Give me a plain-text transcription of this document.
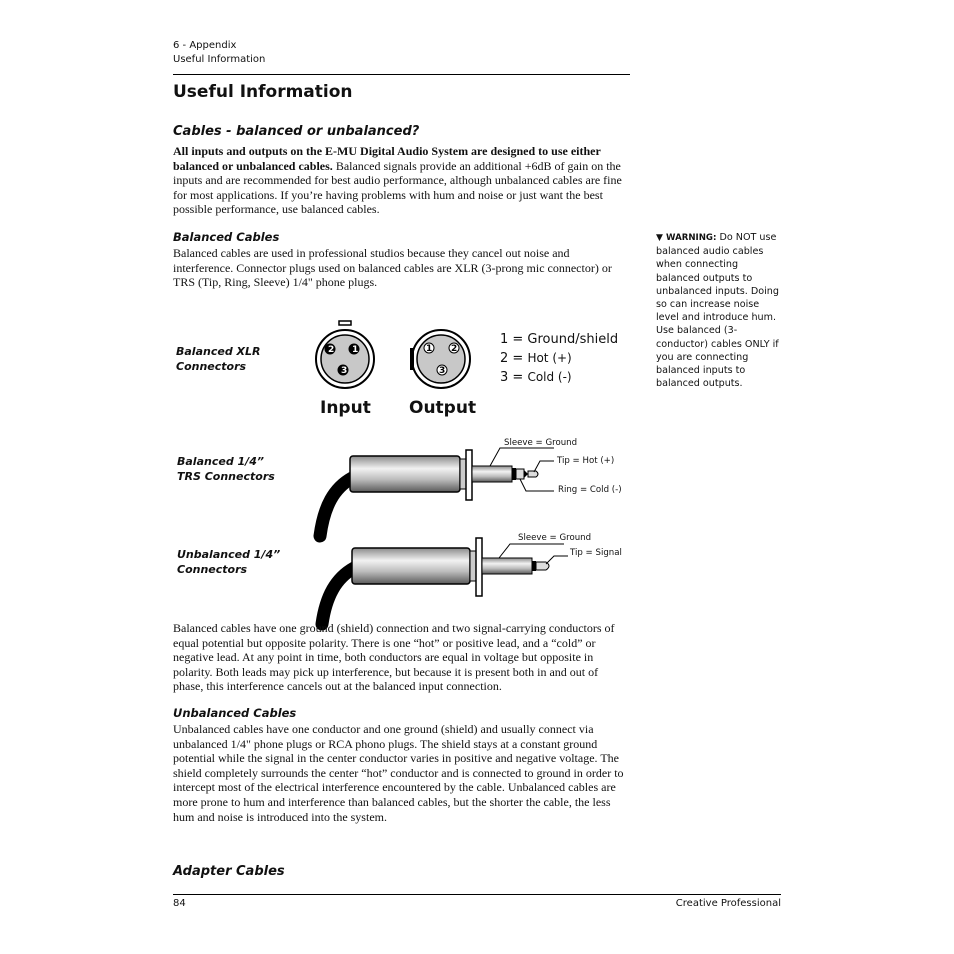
6 - Appendix
Useful Information
Useful Information
Cables - balanced or unbalanced?
All inputs and outputs on the E-MU Digital Audio System are designed to use either balanced or unbalanced cables. Balanced signals provide an additional +6dB of gain on the inputs and are recommended for best audio performance, although unbalanced cables are fine for most applications. If you’re having problems with hum and noise or just want the best possible performance, use balanced cables.
Balanced Cables
Balanced cables are used in professional studios because they cancel out noise and interference. Connector plugs used on balanced cables are XLR (3-prong mic connector) or TRS (Tip, Ring, Sleeve) 1/4" phone plugs.
▼ WARNING: Do NOT use balanced audio cables when connecting balanced outputs to unbalanced inputs. Doing so can increase noise level and introduce hum. Use balanced (3-conductor) cables ONLY if you are connecting balanced inputs to balanced outputs.
Balanced XLR
Connectors
Balanced 1/4”
TRS Connectors
Unbalanced 1/4”
Connectors
2 1
3
1 2
3
Input Output
1 = Ground/shield
2 = Hot (+)
3 = Cold (-)
Sleeve = Ground
Tip = Hot (+)
Ring = Cold (-)
Sleeve = Ground
Tip = Signal
Balanced cables have one ground (shield) connection and two signal-carrying conductors of equal potential but opposite polarity. There is one “hot” or positive lead, and a “cold” or negative lead. At any point in time, both conductors are equal in voltage but opposite in polarity. Both leads may pick up interference, but because it is present both in and out of phase, this interference cancels out at the balanced input connection.
Unbalanced Cables
Unbalanced cables have one conductor and one ground (shield) and usually connect via unbalanced 1/4" phone plugs or RCA phono plugs. The shield stays at a constant ground potential while the signal in the center conductor varies in positive and negative voltage. The shield completely surrounds the center “hot” conductor and is connected to ground in order to intercept most of the electrical interference encountered by the cable. Unbalanced cables are more prone to hum and interference than balanced cables, but the shorter the cable, the less hum and noise is introduced into the system.
Adapter Cables
84	Creative Professional
